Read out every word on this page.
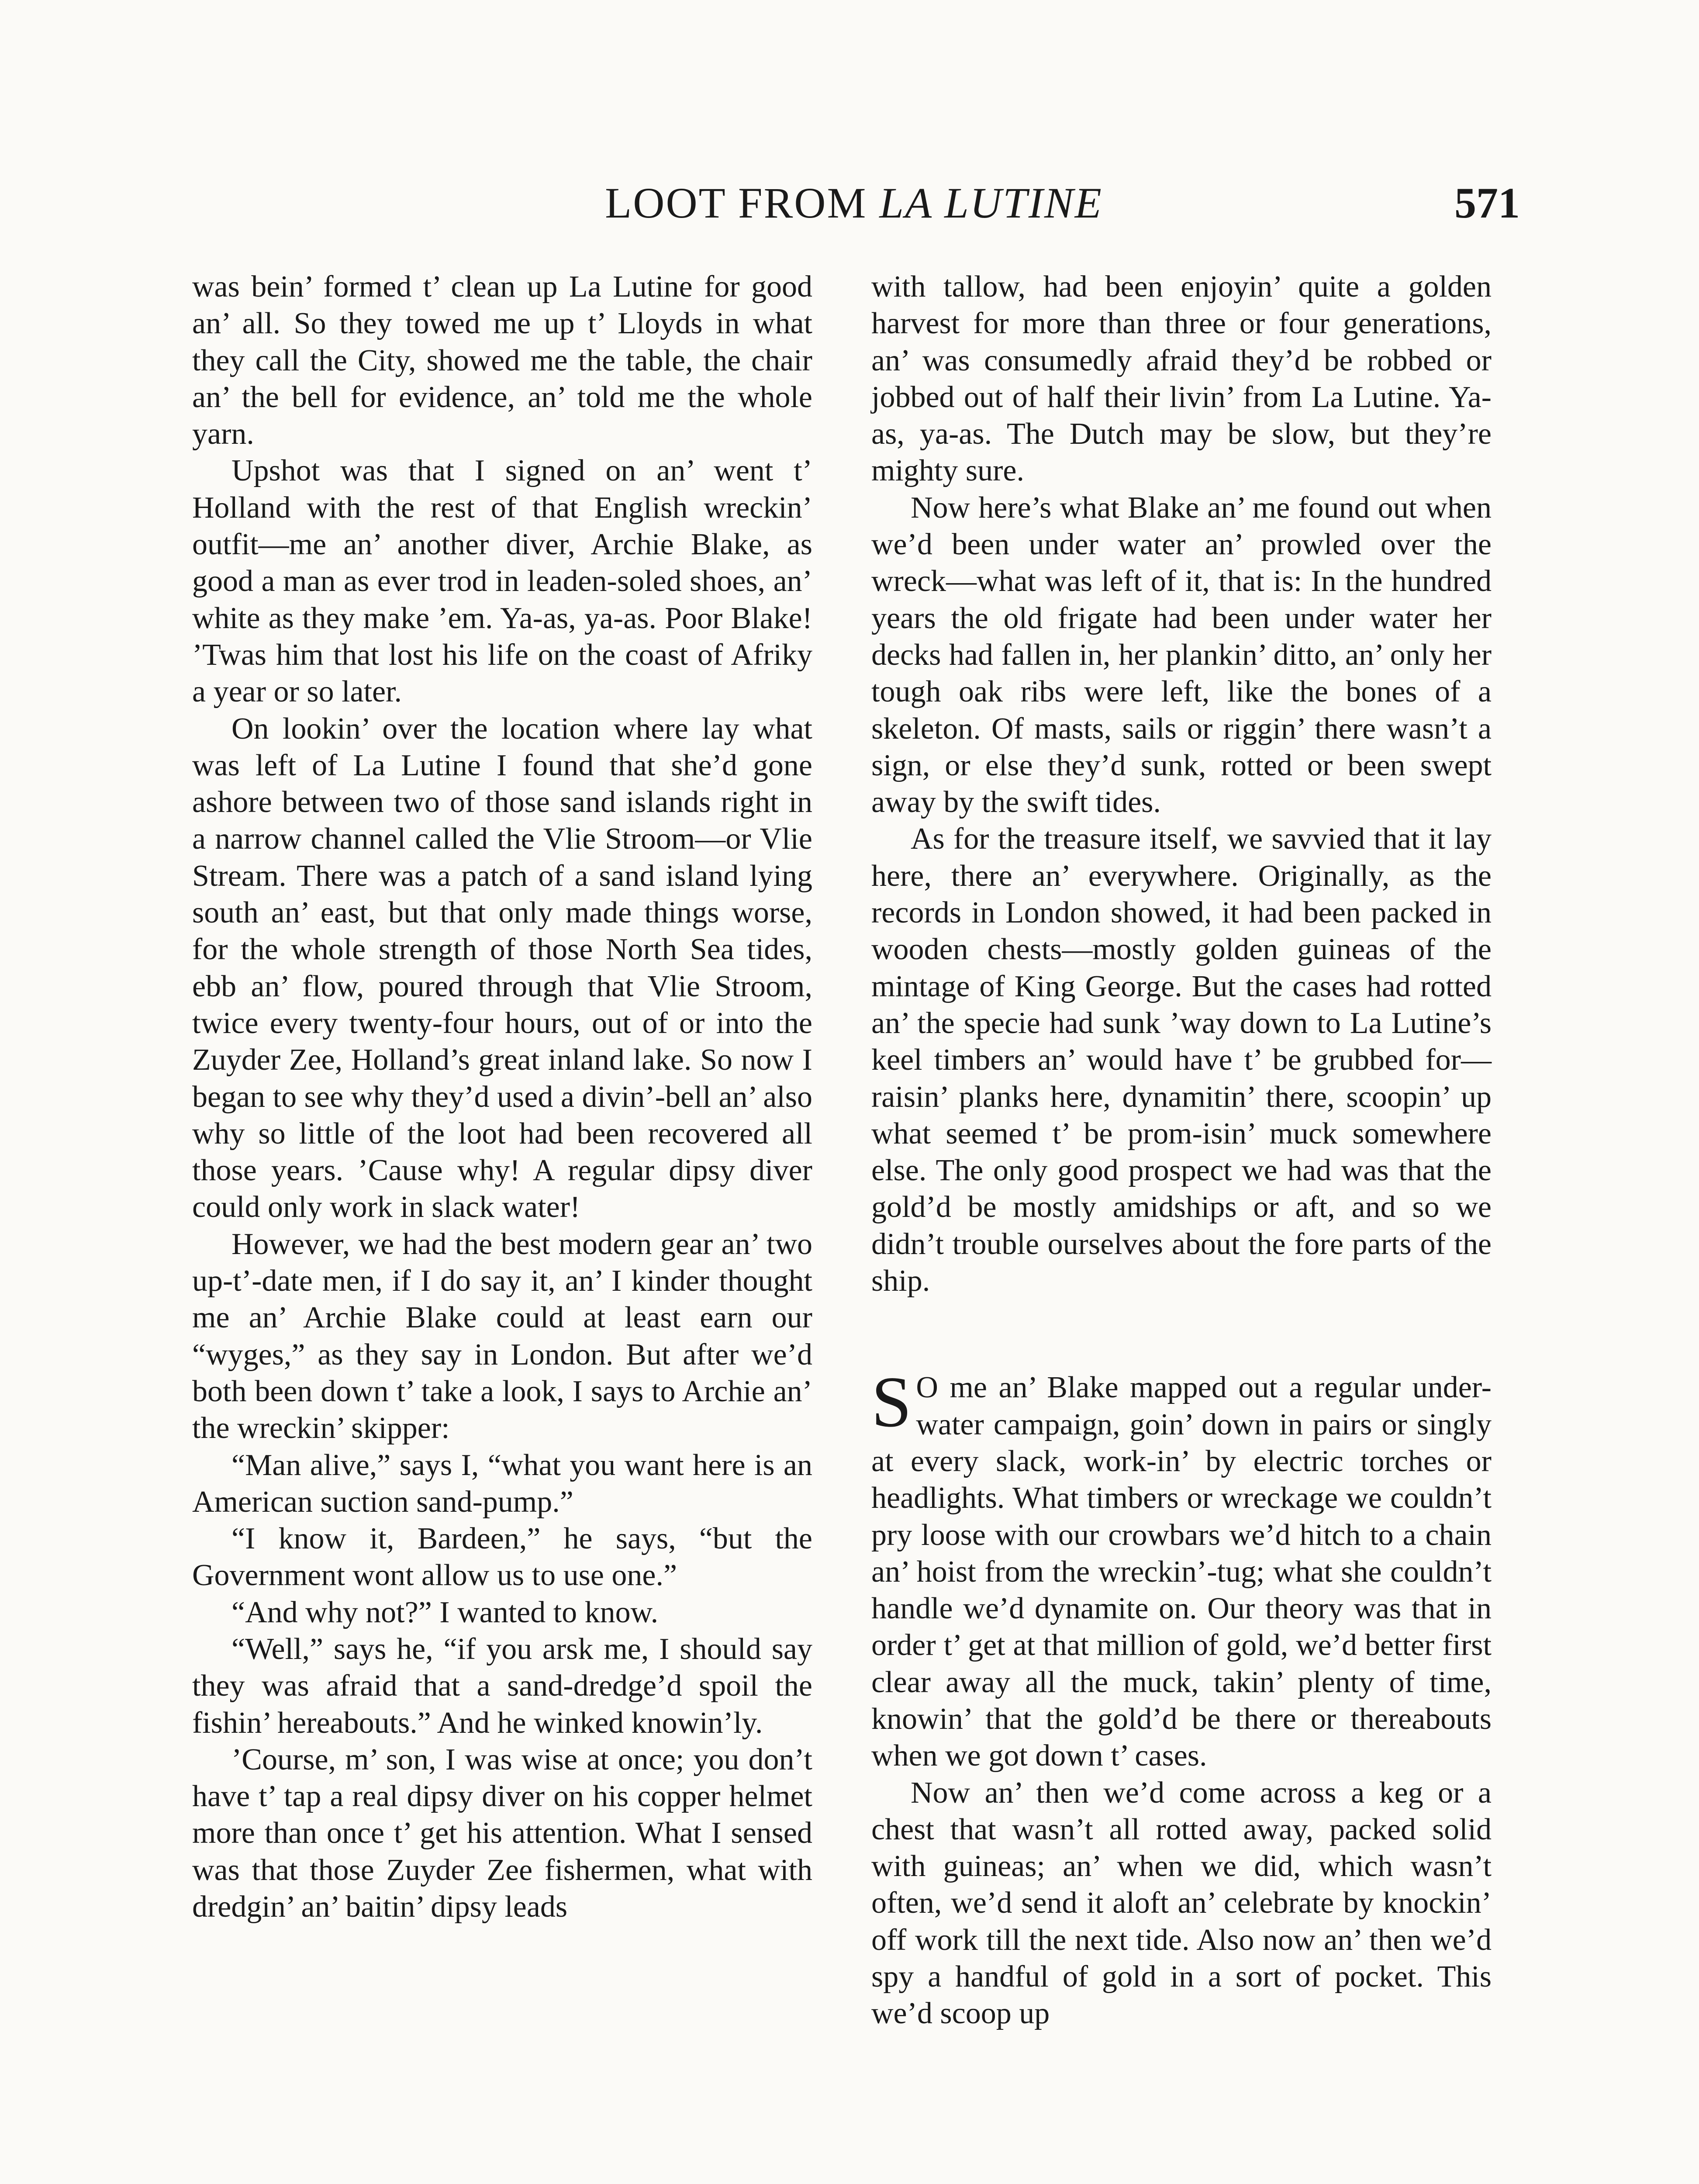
LOOT FROM LA LUTINE	571

was bein’ formed t’ clean up La Lutine for good an’ all. So they towed me up t’ Lloyds in what they call the City, showed me the table, the chair an’ the bell for evidence, an’ told me the whole yarn.

Upshot was that I signed on an’ went t’ Holland with the rest of that English wreckin’ outfit—me an’ another diver, Archie Blake, as good a man as ever trod in leaden-soled shoes, an’ white as they make ’em. Ya-as, ya-as. Poor Blake! ’Twas him that lost his life on the coast of Afriky a year or so later.

On lookin’ over the location where lay what was left of La Lutine I found that she’d gone ashore between two of those sand islands right in a narrow channel called the Vlie Stroom—or Vlie Stream. There was a patch of a sand island lying south an’ east, but that only made things worse, for the whole strength of those North Sea tides, ebb an’ flow, poured through that Vlie Stroom, twice every twenty-four hours, out of or into the Zuyder Zee, Holland’s great inland lake. So now I began to see why they’d used a divin’-bell an’ also why so little of the loot had been recovered all those years. ’Cause why! A regular dipsy diver could only work in slack water!

However, we had the best modern gear an’ two up-t’-date men, if I do say it, an’ I kinder thought me an’ Archie Blake could at least earn our “wyges,” as they say in London. But after we’d both been down t’ take a look, I says to Archie an’ the wreckin’ skipper:

“Man alive,” says I, “what you want here is an American suction sand-pump.”

“I know it, Bardeen,” he says, “but the Government wont allow us to use one.”

“And why not?” I wanted to know.

“Well,” says he, “if you arsk me, I should say they was afraid that a sand-dredge’d spoil the fishin’ hereabouts.” And he winked knowin’ly.

’Course, m’ son, I was wise at once; you don’t have t’ tap a real dipsy diver on his copper helmet more than once t’ get his attention. What I sensed was that those Zuyder Zee fishermen, what with dredgin’ an’ baitin’ dipsy leads

with tallow, had been enjoyin’ quite a golden harvest for more than three or four generations, an’ was consumedly afraid they’d be robbed or jobbed out of half their livin’ from La Lutine. Ya-as, ya-as. The Dutch may be slow, but they’re mighty sure.

Now here’s what Blake an’ me found out when we’d been under water an’ prowled over the wreck—what was left of it, that is: In the hundred years the old frigate had been under water her decks had fallen in, her plankin’ ditto, an’ only her tough oak ribs were left, like the bones of a skeleton. Of masts, sails or riggin’ there wasn’t a sign, or else they’d sunk, rotted or been swept away by the swift tides.

As for the treasure itself, we savvied that it lay here, there an’ everywhere. Originally, as the records in London showed, it had been packed in wooden chests—mostly golden guineas of the mintage of King George. But the cases had rotted an’ the specie had sunk ’way down to La Lutine’s keel timbers an’ would have t’ be grubbed for—raisin’ planks here, dynamitin’ there, scoopin’ up what seemed t’ be prom-isin’ muck somewhere else. The only good prospect we had was that the gold’d be mostly amidships or aft, and so we didn’t trouble ourselves about the fore parts of the ship.

S O me an’ Blake mapped out a regular under-water campaign, goin’ down in pairs or singly at every slack, work-in’ by electric torches or headlights. What timbers or wreckage we couldn’t pry loose with our crowbars we’d hitch to a chain an’ hoist from the wreckin’-tug; what she couldn’t handle we’d dynamite on. Our theory was that in order t’ get at that million of gold, we’d better first clear away all the muck, takin’ plenty of time, knowin’ that the gold’d be there or thereabouts when we got down t’ cases.

Now an’ then we’d come across a keg or a chest that wasn’t all rotted away, packed solid with guineas; an’ when we did, which wasn’t often, we’d send it aloft an’ celebrate by knockin’ off work till the next tide. Also now an’ then we’d spy a handful of gold in a sort of pocket. This we’d scoop up
